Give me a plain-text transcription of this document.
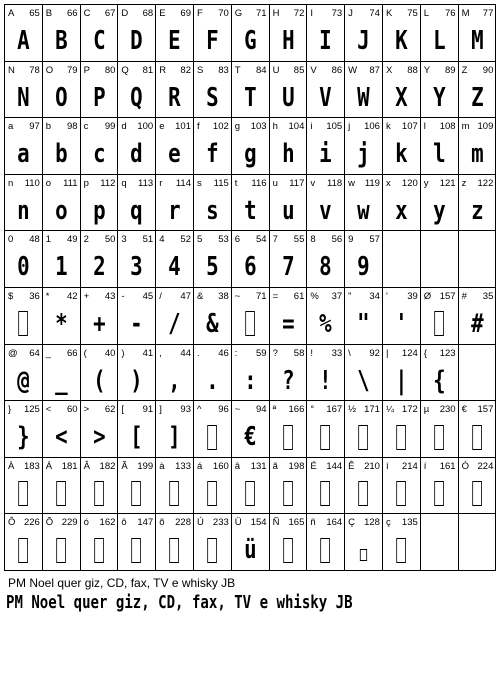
A 65
A
B 66
B
C 67
C
D 68
D
E 69
E
F 70
F
G 71
G
H 72
H
I 73
I
J 74
J
K 75
K
L 76
L
M 77
M
N 78
N
O 79
O
P 80
P
Q 81
Q
R 82
R
S 83
S
T 84
T
U 85
U
V 86
V
W 87
W
X 88
X
Y 89
Y
Z 90
Z
a 97
a
b 98
b
c 99
c
d 100
d
e 101
e
f 102
f
g 103
g
h 104
h
i 105
i
j 106
j
k 107
k
l 108
l
m 109
m
n 110
n
o 111
o
p 112
p
q 113
q
r 114
r
s 115
s
t 116
t
u 117
u
v 118
v
w 119
w
x 120
x
y 121
y
z 122
z
0 48
0
1 49
1
2 50
2
3 51
3
4 52
4
5 53
5
6 54
6
7 55
7
8 56
8
9 57
9
$ 36 * 42
*
+ 43
+
- 45
-
/ 47
/
& 38
&
~ 71 = 61
=
% 37
%
" 34
"
' 39
'
Ø 157 # 35
#
@ 64
@
_ 66
_
( 40
(
) 41
)
, 44
,
. 46
.
: 59
:
? 58
?
! 33
!
\ 92
\
| 124
|
{ 123
{
} 125
}
< 60
<
> 62
>
[ 91
[
] 93
]
^ 96 ~ 94
€
ª 166 ° 167 ½ 171 ¼ 172 µ 230 € 157
À 183 Á 181 Â 182 Ã 199 à 133 á 160 â 131 ã 198 É 144 Ê 210 í 214 í 161 Ó 224
Ô 226 Õ 229 ó 162 ô 147 õ 228 Ú 233 Ü 154
ü
Ñ 165 ñ 164 Ç 128 ç 135
PM Noel quer giz, CD, fax, TV e whisky JB
PM Noel quer giz, CD, fax, TV e whisky JB
